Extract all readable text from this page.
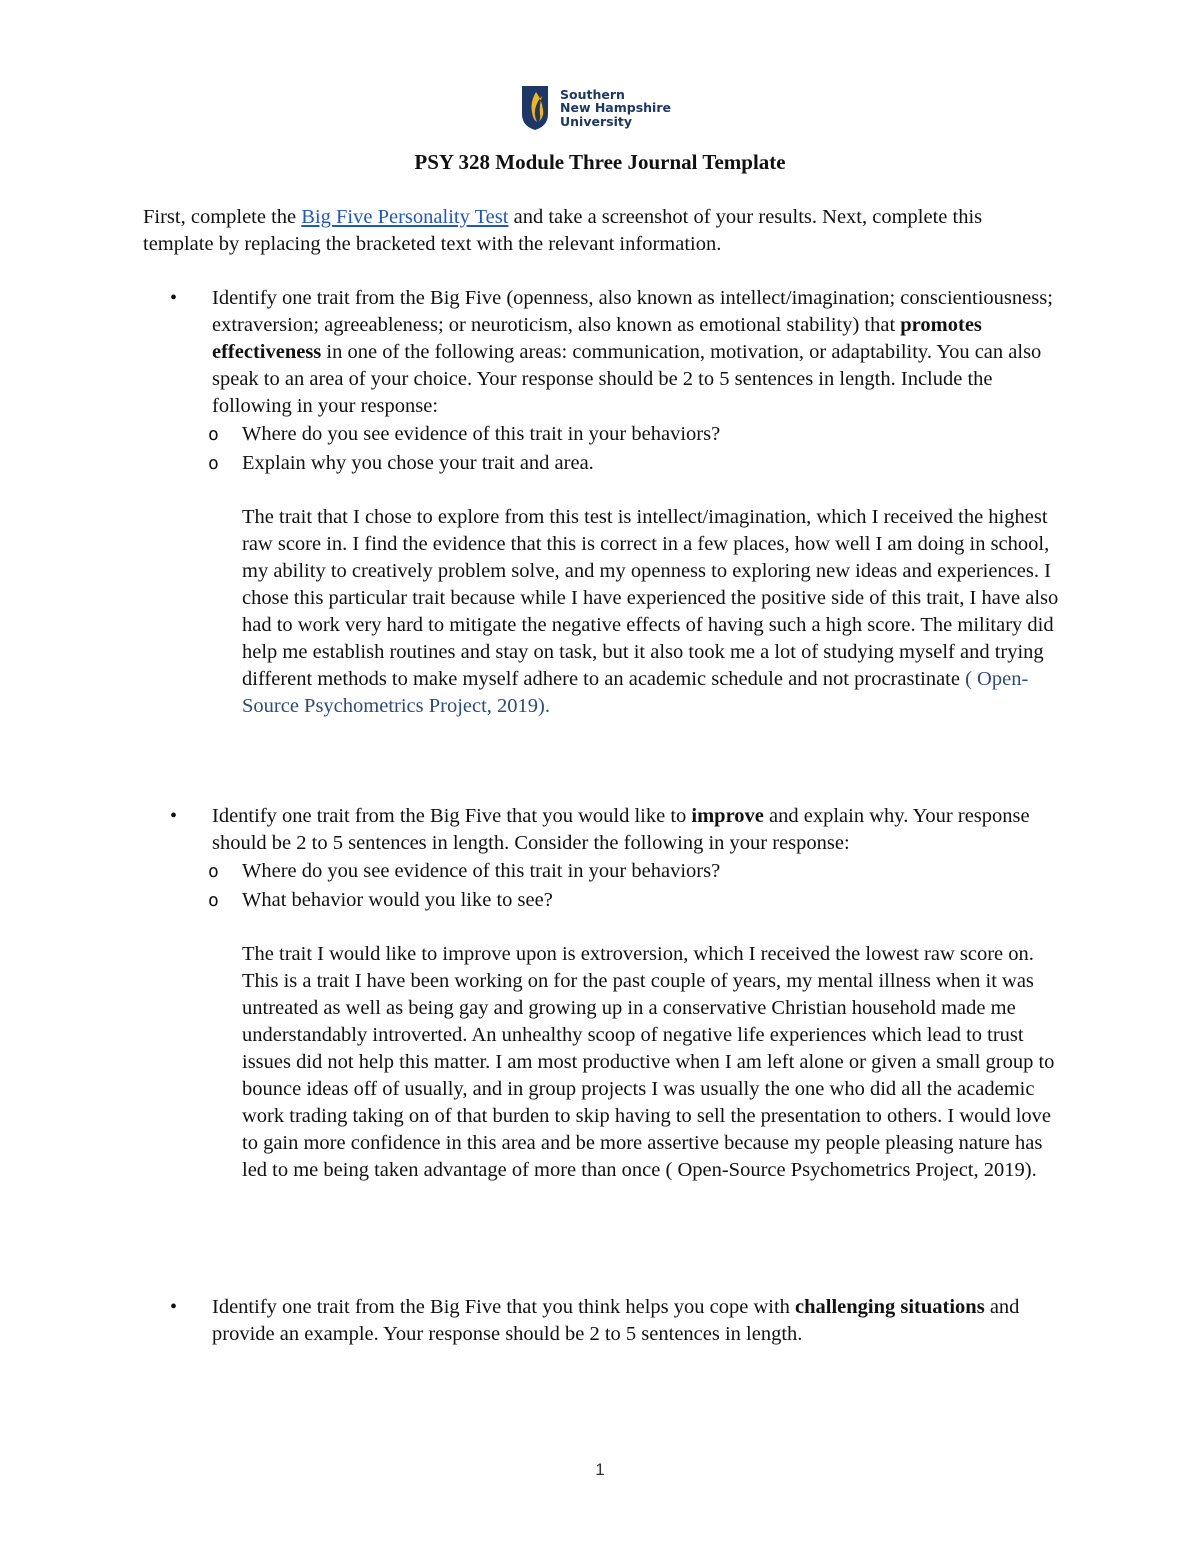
Southern
New Hampshire
University
PSY 328 Module Three Journal Template
First, complete the Big Five Personality Test and take a screenshot of your results. Next, complete this template by replacing the bracketed text with the relevant information.
•	Identify one trait from the Big Five (openness, also known as intellect/imagination; conscientiousness; extraversion; agreeableness; or neuroticism, also known as emotional stability) that promotes effectiveness in one of the following areas: communication, motivation, or adaptability. You can also speak to an area of your choice. Your response should be 2 to 5 sentences in length. Include the following in your response:
o Where do you see evidence of this trait in your behaviors?
o Explain why you chose your trait and area.
The trait that I chose to explore from this test is intellect/imagination, which I received the highest raw score in. I find the evidence that this is correct in a few places, how well I am doing in school, my ability to creatively problem solve, and my openness to exploring new ideas and experiences. I chose this particular trait because while I have experienced the positive side of this trait, I have also had to work very hard to mitigate the negative effects of having such a high score. The military did help me establish routines and stay on task, but it also took me a lot of studying myself and trying different methods to make myself adhere to an academic schedule and not procrastinate ( Open-Source Psychometrics Project, 2019).
•	Identify one trait from the Big Five that you would like to improve and explain why. Your response should be 2 to 5 sentences in length. Consider the following in your response:
o Where do you see evidence of this trait in your behaviors?
o What behavior would you like to see?
The trait I would like to improve upon is extroversion, which I received the lowest raw score on. This is a trait I have been working on for the past couple of years, my mental illness when it was untreated as well as being gay and growing up in a conservative Christian household made me understandably introverted. An unhealthy scoop of negative life experiences which lead to trust issues did not help this matter. I am most productive when I am left alone or given a small group to bounce ideas off of usually, and in group projects I was usually the one who did all the academic work trading taking on of that burden to skip having to sell the presentation to others. I would love to gain more confidence in this area and be more assertive because my people pleasing nature has led to me being taken advantage of more than once ( Open-Source Psychometrics Project, 2019).
•	Identify one trait from the Big Five that you think helps you cope with challenging situations and provide an example. Your response should be 2 to 5 sentences in length.
1
